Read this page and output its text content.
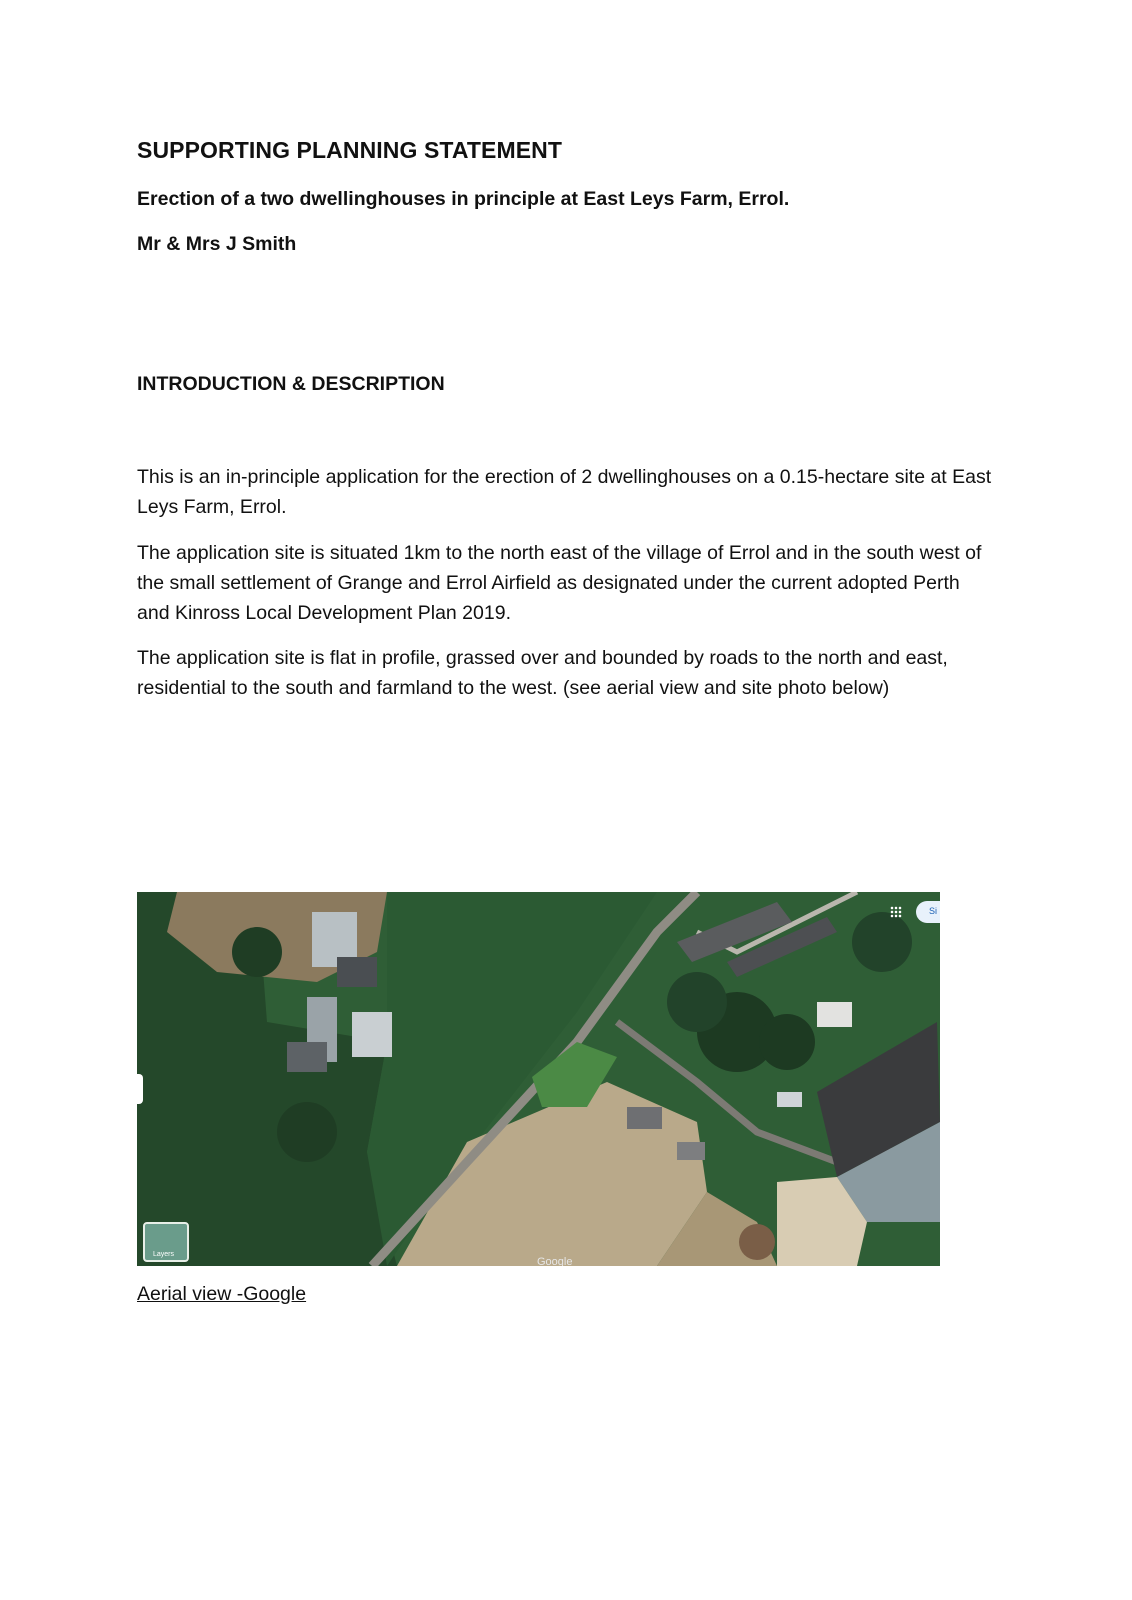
SUPPORTING PLANNING STATEMENT
Erection of a two dwellinghouses in principle at East Leys Farm, Errol.
Mr & Mrs J Smith
INTRODUCTION & DESCRIPTION

This is an in-principle application for the erection of 2 dwellinghouses on a 0.15-hectare site at East Leys Farm, Errol.

The application site is situated 1km to the north east of the village of Errol and in the south west of the small settlement of Grange and Errol Airfield as designated under the current adopted Perth and Kinross Local Development Plan 2019.

The application site is flat in profile, grassed over and bounded by roads to the north and east, residential to the south and farmland to the west. (see aerial view and site photo below)

Si
Layers
Google
Aerial view -Google
